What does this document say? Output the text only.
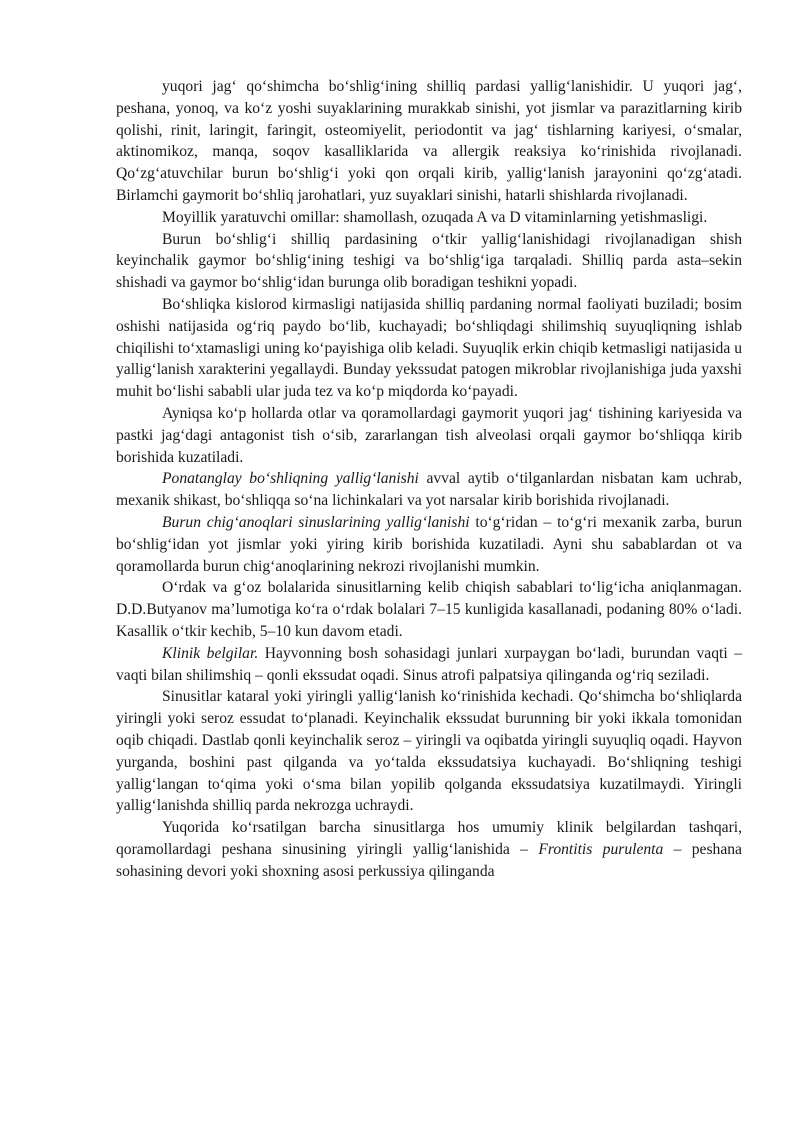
yuqori jag‘ qo‘shimcha bo‘shlig‘ining shilliq pardasi yallig‘lanishidir. U yuqori jag‘, peshana, yonoq, va ko‘z yoshi suyaklarining murakkab sinishi, yot jismlar va parazitlarning kirib qolishi, rinit, laringit, faringit, osteomiyelit, periodontit va jag‘ tishlarning kariyesi, o‘smalar, aktinomikoz, manqa, soqov kasalliklarida va allergik reaksiya ko‘rinishida rivojlanadi. Qo‘zg‘atuvchilar burun bo‘shlig‘i yoki qon orqali kirib, yallig‘lanish jarayonini qo‘zg‘atadi. Birlamchi gaymorit bo‘shliq jarohatlari, yuz suyaklari sinishi, hatarli shishlarda rivojlanadi.

Moyillik yaratuvchi omillar: shamollash, ozuqada A va D vitaminlarning yetishmasligi.

Burun bo‘shlig‘i shilliq pardasining o‘tkir yallig‘lanishidagi rivojlanadigan shish keyinchalik gaymor bo‘shlig‘ining teshigi va bo‘shlig‘iga tarqaladi. Shilliq parda asta–sekin shishadi va gaymor bo‘shlig‘idan burunga olib boradigan teshikni yopadi.

Bo‘shliqka kislorod kirmasligi natijasida shilliq pardaning normal faoliyati buziladi; bosim oshishi natijasida og‘riq paydo bo‘lib, kuchayadi; bo‘shliqdagi shilimshiq suyuqliqning ishlab chiqilishi to‘xtamasligi uning ko‘payishiga olib keladi. Suyuqlik erkin chiqib ketmasligi natijasida u yallig‘lanish xarakterini yegallaydi. Bunday yekssudat patogen mikroblar rivojlanishiga juda yaxshi muhit bo‘lishi sababli ular juda tez va ko‘p miqdorda ko‘payadi.

Ayniqsa ko‘p hollarda otlar va qoramollardagi gaymorit yuqori jag‘ tishining kariyesida va pastki jag‘dagi antagonist tish o‘sib, zararlangan tish alveolasi orqali gaymor bo‘shliqqa kirib borishida kuzatiladi.

Ponatanglay bo‘shliqning yallig‘lanishi avval aytib o‘tilganlardan nisbatan kam uchrab, mexanik shikast, bo‘shliqqa so‘na lichinkalari va yot narsalar kirib borishida rivojlanadi.

Burun chig‘anoqlari sinuslarining yallig‘lanishi to‘g‘ridan – to‘g‘ri mexanik zarba, burun bo‘shlig‘idan yot jismlar yoki yiring kirib borishida kuzatiladi. Ayni shu sabablardan ot va qoramollarda burun chig‘anoqlarining nekrozi rivojlanishi mumkin.

O‘rdak va g‘oz bolalarida sinusitlarning kelib chiqish sabablari to‘lig‘icha aniqlanmagan. D.D.Butyanov ma’lumotiga ko‘ra o‘rdak bolalari 7–15 kunligida kasallanadi, podaning 80% o‘ladi. Kasallik o‘tkir kechib, 5–10 kun davom etadi.

Klinik belgilar. Hayvonning bosh sohasidagi junlari xurpaygan bo‘ladi, burundan vaqti – vaqti bilan shilimshiq – qonli ekssudat oqadi. Sinus atrofi palpatsiya qilinganda og‘riq seziladi.

Sinusitlar kataral yoki yiringli yallig‘lanish ko‘rinishida kechadi. Qo‘shimcha bo‘shliqlarda yiringli yoki seroz essudat to‘planadi. Keyinchalik ekssudat burunning bir yoki ikkala tomonidan oqib chiqadi. Dastlab qonli keyinchalik seroz – yiringli va oqibatda yiringli suyuqliq oqadi. Hayvon yurganda, boshini past qilganda va yo‘talda ekssudatsiya kuchayadi. Bo‘shliqning teshigi yallig‘langan to‘qima yoki o‘sma bilan yopilib qolganda ekssudatsiya kuzatilmaydi. Yiringli yallig‘lanishda shilliq parda nekrozga uchraydi.

Yuqorida ko‘rsatilgan barcha sinusitlarga hos umumiy klinik belgilardan tashqari, qoramollardagi peshana sinusining yiringli yallig‘lanishida – Frontitis purulenta – peshana sohasining devori yoki shoxning asosi perkussiya qilinganda
